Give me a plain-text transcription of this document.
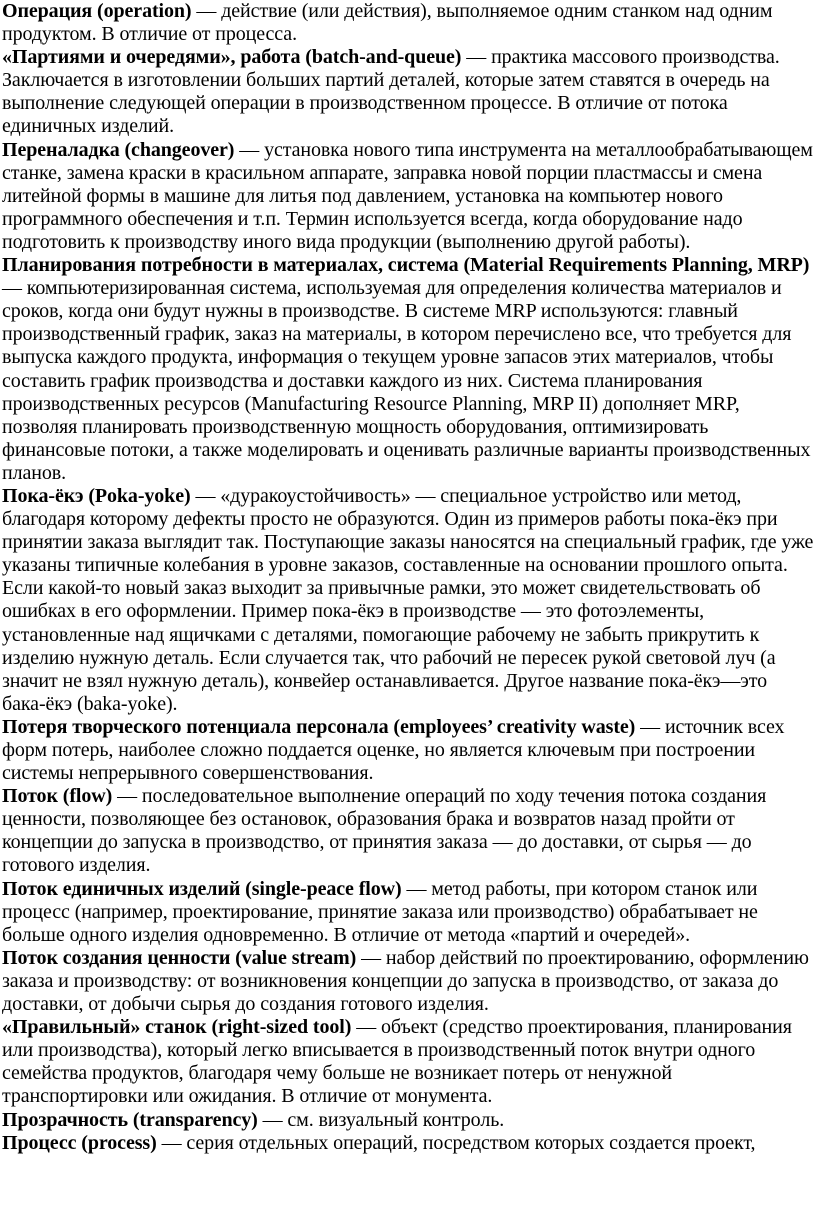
Операция (operation) — действие (или действия), выполняемое одним станком над одним продуктом. В отличие от процесса.

«Партиями и очередями», работа (batch-and-queue) — практика массового производства. Заключается в изготовлении больших партий деталей, которые затем ставятся в очередь на выполнение следующей операции в производственном процессе. В отличие от потока единичных изделий.

Переналадка (changeover) — установка нового типа инструмента на металлообрабатывающем станке, замена краски в красильном аппарате, заправка новой порции пластмассы и смена литейной формы в машине для литья под давлением, установка на компьютер нового программного обеспечения и т.п. Термин используется всегда, когда оборудование надо подготовить к производству иного вида продукции (выполнению другой работы).

Планирования потребности в материалах, система (Material Requirements Planning, MRP) — компьютеризированная система, используемая для определения количества материалов и сроков, когда они будут нужны в производстве. В системе MRP используются: главный производственный график, заказ на материалы, в котором перечислено все, что требуется для выпуска каждого продукта, информация о текущем уровне запасов этих материалов, чтобы составить график производства и доставки каждого из них. Система планирования производственных ресурсов (Manufacturing Resource Planning, MRP II) дополняет MRP, позволяя планировать производственную мощность оборудования, оптимизировать финансовые потоки, а также моделировать и оценивать различные варианты производственных планов.

Пока-ёкэ (Poka-yoke) — «дуракоустойчивость» — специальное устройство или метод, благодаря которому дефекты просто не образуются. Один из примеров работы пока-ёкэ при принятии заказа выглядит так. Поступающие заказы наносятся на специальный график, где уже указаны типичные колебания в уровне заказов, составленные на основании прошлого опыта. Если какой-то новый заказ выходит за привычные рамки, это может свидетельствовать об ошибках в его оформлении. Пример пока-ёкэ в производстве — это фотоэлементы, установленные над ящичками с деталями, помогающие рабочему не забыть прикрутить к изделию нужную деталь. Если случается так, что рабочий не пересек рукой световой луч (а значит не взял нужную деталь), конвейер останавливается. Другое название пока-ёкэ—это бака-ёкэ (baka-yoke).

Потеря творческого потенциала персонала (employees’ creativity waste) — источник всех форм потерь, наиболее сложно поддается оценке, но является ключевым при построении системы непрерывного совершенствования.

Поток (flow) — последовательное выполнение операций по ходу течения потока создания ценности, позволяющее без остановок, образования брака и возвратов назад пройти от концепции до запуска в производство, от принятия заказа — до доставки, от сырья — до готового изделия.

Поток единичных изделий (single-peace flow) — метод работы, при котором станок или процесс (например, проектирование, принятие заказа или производство) обрабатывает не больше одного изделия одновременно. В отличие от метода «партий и очередей».

Поток создания ценности (value stream) — набор действий по проектированию, оформлению заказа и производству: от возникновения концепции до запуска в производство, от заказа до доставки, от добычи сырья до создания готового изделия.

«Правильный» станок (right-sized tool) — объект (средство проектирования, планирования или производства), который легко вписывается в производственный поток внутри одного семейства продуктов, благодаря чему больше не возникает потерь от ненужной транспортировки или ожидания. В отличие от монумента.

Прозрачность (transparency) — см. визуальный контроль.

Процесс (process) — серия отдельных операций, посредством которых создается проект,
